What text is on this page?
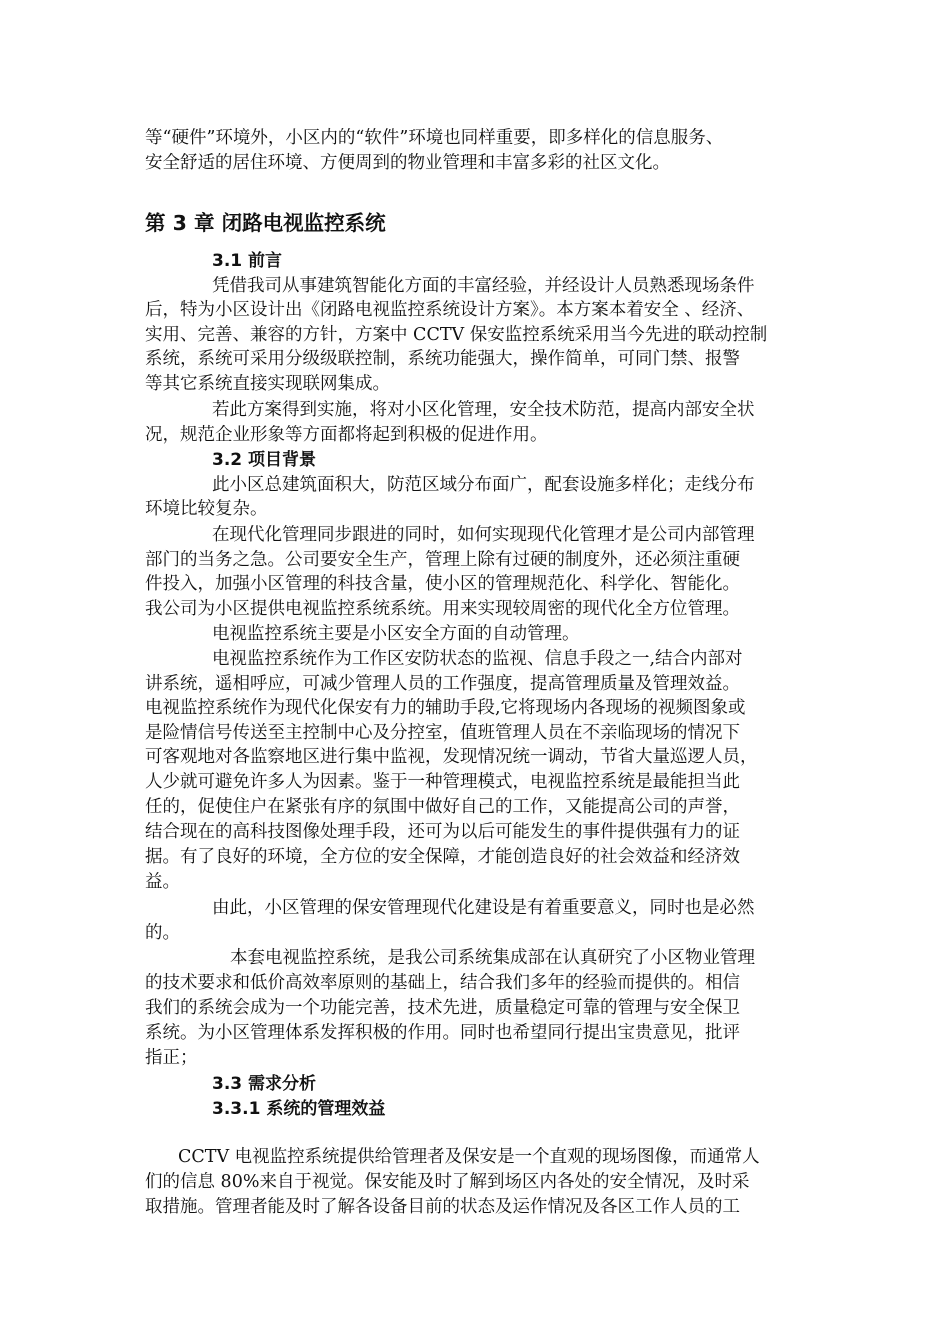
等“硬件”环境外，小区内的“软件”环境也同样重要，即多样化的信息服务、
安全舒适的居住环境、方便周到的物业管理和丰富多彩的社区文化。
第 3 章 闭路电视监控系统
3.1 前言
凭借我司从事建筑智能化方面的丰富经验，并经设计人员熟悉现场条件
后，特为小区设计出《闭路电视监控系统设计方案》。本方案本着安全 、经济、
实用、完善、兼容的方针，方案中 CCTV 保安监控系统采用当今先进的联动控制
系统，系统可采用分级级联控制，系统功能强大，操作简单，可同门禁、报警
等其它系统直接实现联网集成。
若此方案得到实施，将对小区化管理，安全技术防范，提高内部安全状
况，规范企业形象等方面都将起到积极的促进作用。
3.2 项目背景
此小区总建筑面积大，防范区域分布面广，配套设施多样化；走线分布
环境比较复杂。
在现代化管理同步跟进的同时，如何实现现代化管理才是公司内部管理
部门的当务之急。公司要安全生产，管理上除有过硬的制度外，还必须注重硬
件投入，加强小区管理的科技含量，使小区的管理规范化、科学化、智能化。
我公司为小区提供电视监控系统系统。用来实现较周密的现代化全方位管理。
电视监控系统主要是小区安全方面的自动管理。
电视监控系统作为工作区安防状态的监视、信息手段之一,结合内部对
讲系统，遥相呼应，可减少管理人员的工作强度，提高管理质量及管理效益。
电视监控系统作为现代化保安有力的辅助手段,它将现场内各现场的视频图象或
是险情信号传送至主控制中心及分控室，值班管理人员在不亲临现场的情况下
可客观地对各监察地区进行集中监视，发现情况统一调动，节省大量巡逻人员，
人少就可避免许多人为因素。鉴于一种管理模式，电视监控系统是最能担当此
任的，促使住户在紧张有序的氛围中做好自己的工作，又能提高公司的声誉，
结合现在的高科技图像处理手段，还可为以后可能发生的事件提供强有力的证
据。有了良好的环境，全方位的安全保障，才能创造良好的社会效益和经济效
益。
由此，小区管理的保安管理现代化建设是有着重要意义，同时也是必然
的。
本套电视监控系统，是我公司系统集成部在认真研究了小区物业管理
的技术要求和低价高效率原则的基础上，结合我们多年的经验而提供的。相信
我们的系统会成为一个功能完善，技术先进，质量稳定可靠的管理与安全保卫
系统。为小区管理体系发挥积极的作用。同时也希望同行提出宝贵意见，批评
指正；
3.3 需求分析
3.3.1 系统的管理效益
CCTV 电视监控系统提供给管理者及保安是一个直观的现场图像，而通常人
们的信息 80%来自于视觉。保安能及时了解到场区内各处的安全情况，及时采
取措施。管理者能及时了解各设备目前的状态及运作情况及各区工作人员的工
